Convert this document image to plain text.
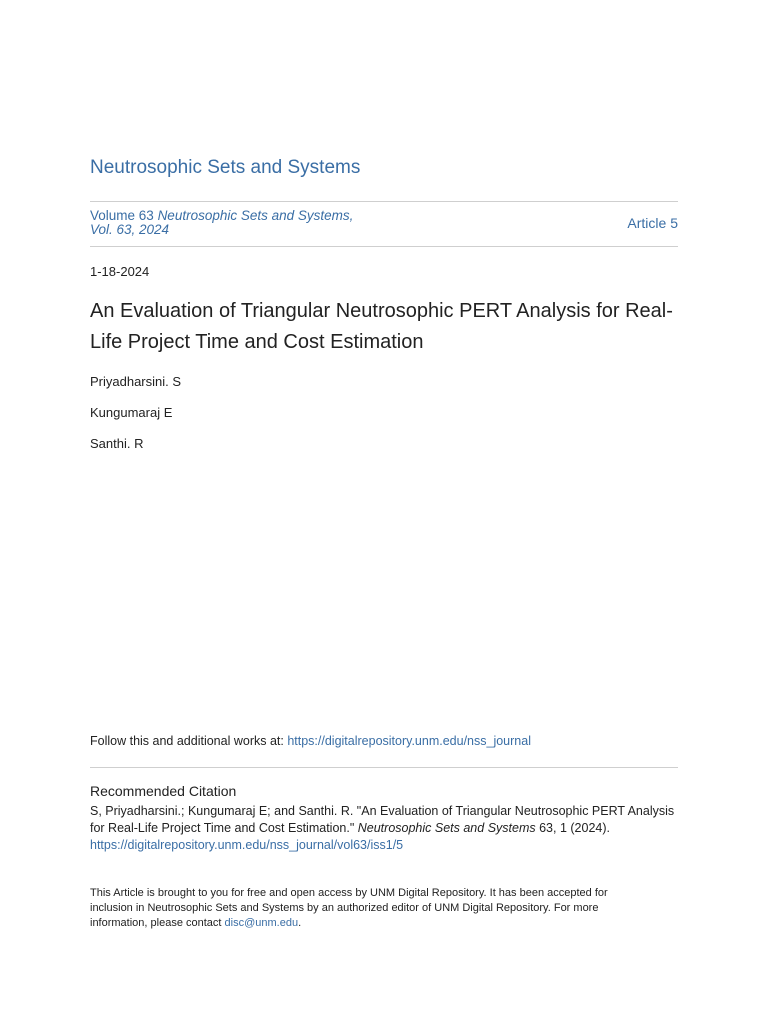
Neutrosophic Sets and Systems
Volume 63 Neutrosophic Sets and Systems,
Vol. 63, 2024	Article 5
1-18-2024
An Evaluation of Triangular Neutrosophic PERT Analysis for Real-
Life Project Time and Cost Estimation
Priyadharsini. S
Kungumaraj E
Santhi. R
Follow this and additional works at: https://digitalrepository.unm.edu/nss_journal
Recommended Citation
S, Priyadharsini.; Kungumaraj E; and Santhi. R. "An Evaluation of Triangular Neutrosophic PERT Analysis for Real-Life Project Time and Cost Estimation." Neutrosophic Sets and Systems 63, 1 (2024).
https://digitalrepository.unm.edu/nss_journal/vol63/iss1/5
This Article is brought to you for free and open access by UNM Digital Repository. It has been accepted for inclusion in Neutrosophic Sets and Systems by an authorized editor of UNM Digital Repository. For more information, please contact disc@unm.edu.
